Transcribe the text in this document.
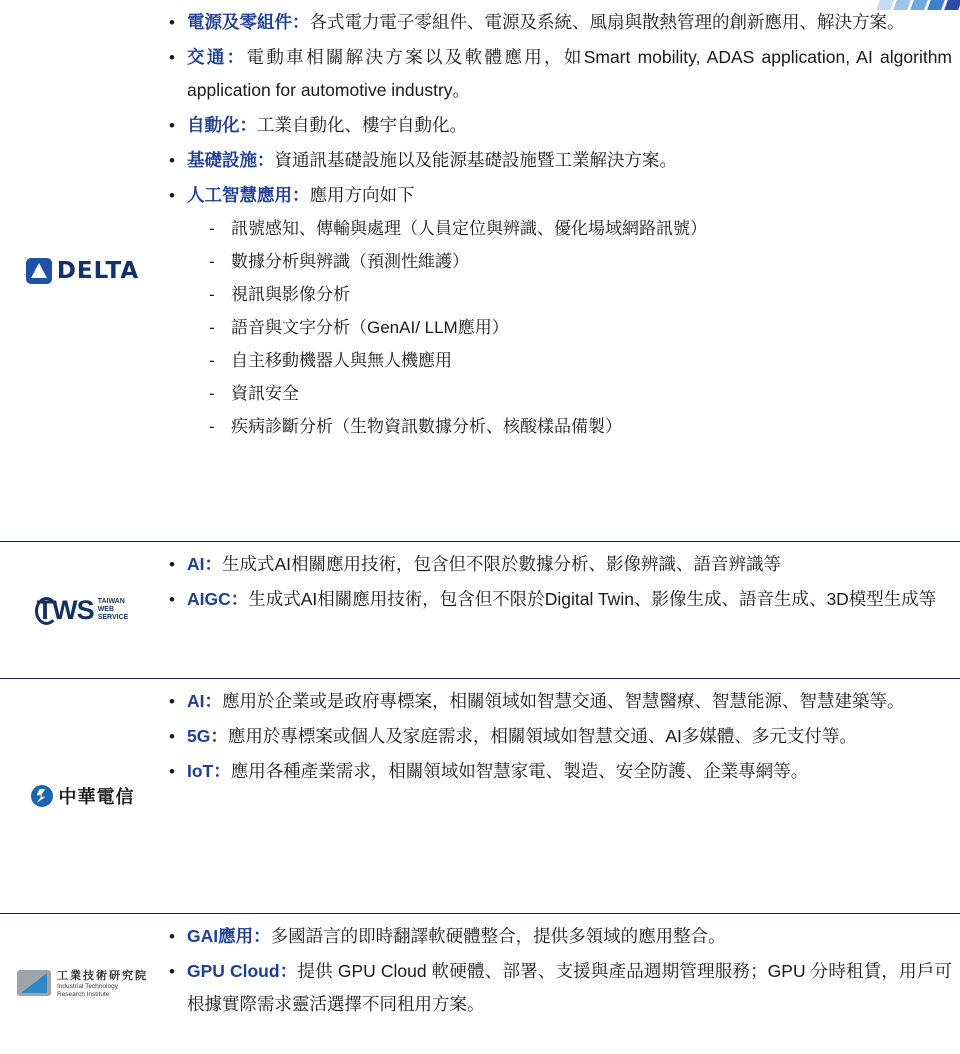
DELTA
• 電源及零組件：各式電力電子零組件、電源及系統、風扇與散熱管理的創新應用、解決方案。
• 交通：電動車相關解決方案以及軟體應用，如Smart mobility, ADAS application, AI algorithm application for automotive industry。
• 自動化：工業自動化、樓宇自動化。
• 基礎設施：資通訊基礎設施以及能源基礎設施暨工業解決方案。
• 人工智慧應用：應用方向如下
- 訊號感知、傳輸與處理（人員定位與辨識、優化場域網路訊號）
- 數據分析與辨識（預測性維護）
- 視訊與影像分析
- 語音與文字分析（GenAI/ LLM應用）
- 自主移動機器人與無人機應用
- 資訊安全
- 疾病診斷分析（生物資訊數據分析、核酸樣品備製）
TWS TAIWAN
WEB
SERVICE
• AI：生成式AI相關應用技術，包含但不限於數據分析、影像辨識、語音辨識等
• AIGC：生成式AI相關應用技術，包含但不限於Digital Twin、影像生成、語音生成、3D模型生成等
中華電信
• AI：應用於企業或是政府專標案，相關領域如智慧交通、智慧醫療、智慧能源、智慧建築等。
• 5G：應用於專標案或個人及家庭需求，相關領域如智慧交通、AI多媒體、多元支付等。
• IoT：應用各種產業需求，相關領域如智慧家電、製造、安全防護、企業專網等。
工業技術研究院
Industrial Technology
Research Institute
• GAI應用：多國語言的即時翻譯軟硬體整合，提供多領域的應用整合。
• GPU Cloud：提供 GPU Cloud 軟硬體、部署、支援與產品週期管理服務；GPU 分時租賃，用戶可根據實際需求靈活選擇不同租用方案。
